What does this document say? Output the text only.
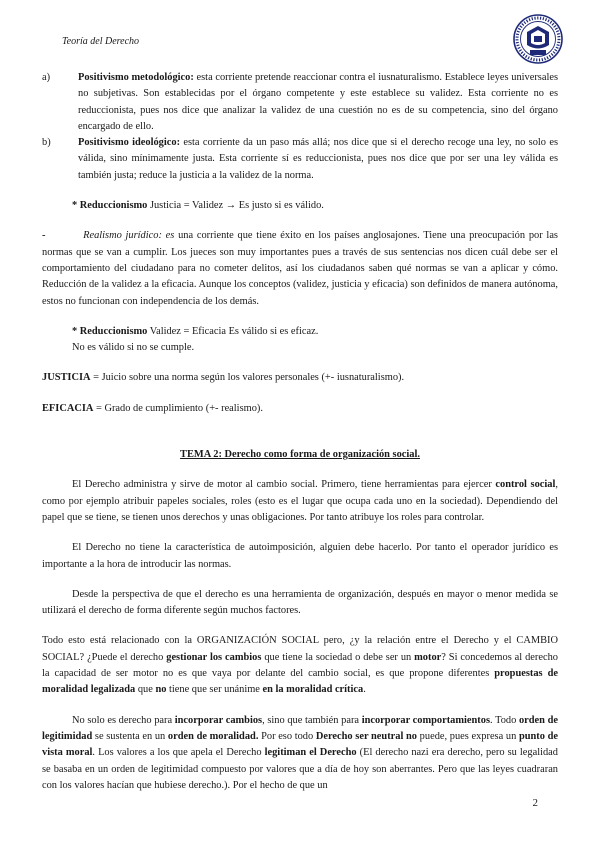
Teoría del Derecho

a)	Positivismo metodológico: esta corriente pretende reaccionar contra el iusnaturalismo. Establece leyes universales no subjetivas. Son establecidas por el órgano competente y este establece su validez. Esta corriente no es reduccionista, pues nos dice que analizar la validez de una cuestión no es de su competencia, sino del órgano encargado de ello.

b)	Positivismo ideológico: esta corriente da un paso más allá; nos dice que si el derecho recoge una ley, no solo es válida, sino mínimamente justa. Esta corriente sí es reduccionista, pues nos dice que por ser una ley válida es también justa; reduce la justicia a la validez de la norma.

* Reduccionismo Justicia = Validez → Es justo si es válido.

-	Realismo jurídico: es una corriente que tiene éxito en los países anglosajones. Tiene una preocupación por las normas que se van a cumplir. Los jueces son muy importantes pues a través de sus sentencias nos dicen cuál debe ser el comportamiento del ciudadano para no cometer delitos, así los ciudadanos saben qué normas se van a aplicar y cómo. Reducción de la validez a la eficacia. Aunque los conceptos (validez, justicia y eficacia) son definidos de manera autónoma, estos no funcionan con independencia de los demás.

* Reduccionismo Validez = Eficacia Es válido si es eficaz.

No es válido si no se cumple.

JUSTICIA = Juicio sobre una norma según los valores personales (+- iusnaturalismo).

EFICACIA = Grado de cumplimiento (+- realismo).

TEMA 2: Derecho como forma de organización social.

El Derecho administra y sirve de motor al cambio social. Primero, tiene herramientas para ejercer control social, como por ejemplo atribuir papeles sociales, roles (esto es el lugar que ocupa cada uno en la sociedad). Dependiendo del papel que se tiene, se tienen unos derechos y unas obligaciones. Por tanto atribuye los roles para controlar.

El Derecho no tiene la característica de autoimposición, alguien debe hacerlo. Por tanto el operador jurídico es importante a la hora de introducir las normas.

Desde la perspectiva de que el derecho es una herramienta de organización, después en mayor o menor medida se utilizará el derecho de forma diferente según muchos factores.

Todo esto está relacionado con la ORGANIZACIÓN SOCIAL pero, ¿y la relación entre el Derecho y el CAMBIO SOCIAL? ¿Puede el derecho gestionar los cambios que tiene la sociedad o debe ser un motor? Si concedemos al derecho la capacidad de ser motor no es que vaya por delante del cambio social, es que propone diferentes propuestas de moralidad legalizada que no tiene que ser unánime en la moralidad crítica.

No solo es derecho para incorporar cambios, sino que también para incorporar comportamientos. Todo orden de legitimidad se sustenta en un orden de moralidad. Por eso todo Derecho ser neutral no puede, pues expresa un punto de vista moral. Los valores a los que apela el Derecho legitiman el Derecho (El derecho nazi era derecho, pero su legalidad se basaba en un orden de legitimidad compuesto por valores que a día de hoy son aberrantes. Pero que las leyes cuadraran con los valores hacían que hubiese derecho.). Por el hecho de que un

2
